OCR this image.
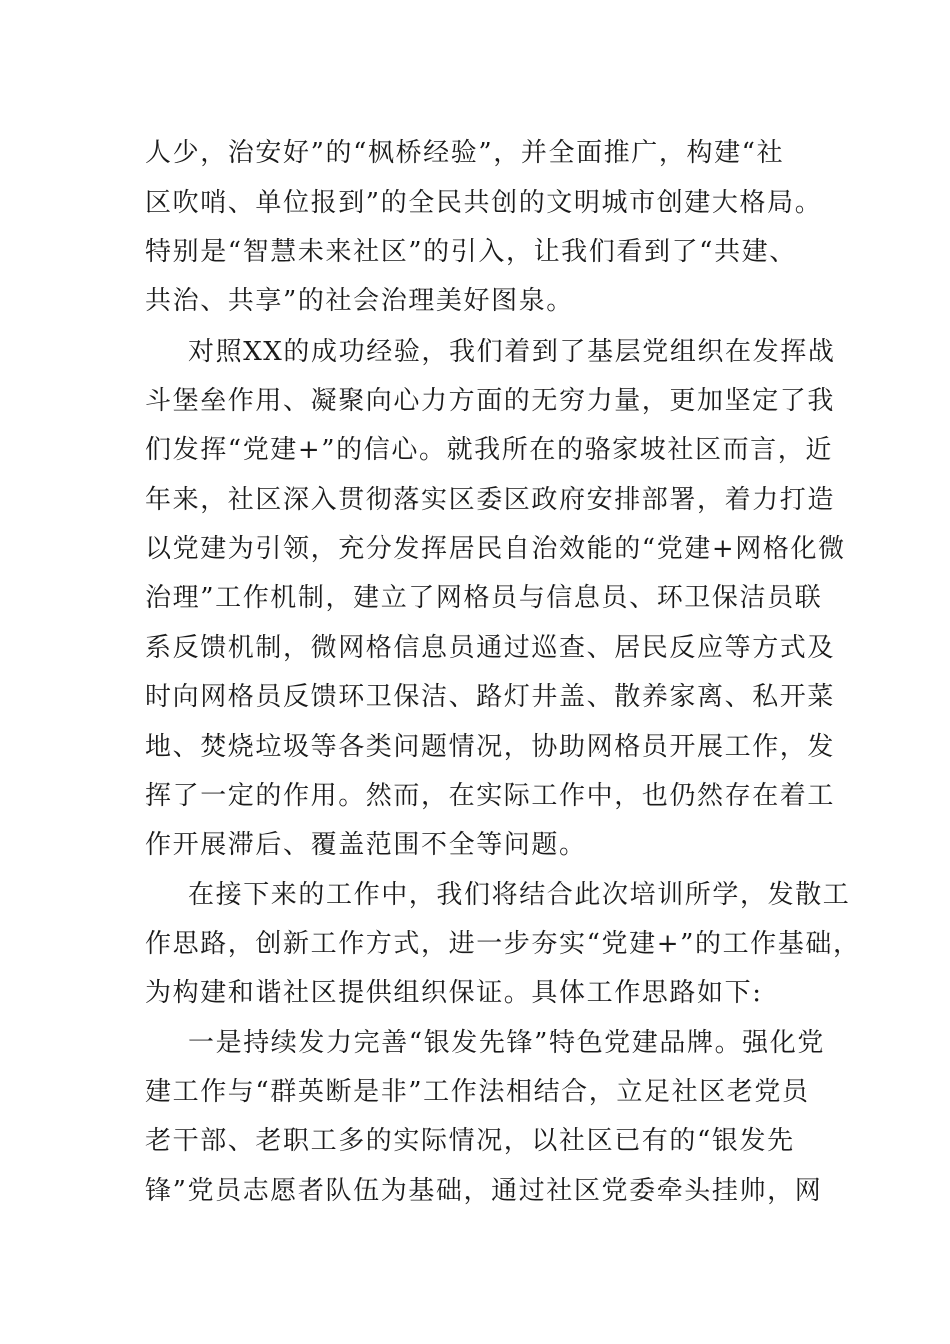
人少，治安好”的“枫桥经验”，并全面推广，构建“社
区吹哨、单位报到”的全民共创的文明城市创建大格局。
特别是“智慧未来社区”的引入，让我们看到了“共建、
共治、共享”的社会治理美好图泉。
对照XX的成功经验，我们着到了基层党组织在发挥战
斗堡垒作用、凝聚向心力方面的无穷力量，更加坚定了我
们发挥“党建+”的信心。就我所在的骆家坡社区而言，近
年来，社区深入贯彻落实区委区政府安排部署，着力打造
以党建为引领，充分发挥居民自治效能的“党建+网格化微
治理”工作机制，建立了网格员与信息员、环卫保洁员联
系反馈机制，微网格信息员通过巡查、居民反应等方式及
时向网格员反馈环卫保洁、路灯井盖、散养家离、私开菜
地、焚烧垃圾等各类问题情况，协助网格员开展工作，发
挥了一定的作用。然而，在实际工作中，也仍然存在着工
作开展滞后、覆盖范围不全等问题。
在接下来的工作中，我们将结合此次培训所学，发散工
作思路，创新工作方式，进一步夯实“党建+”的工作基础，
为构建和谐社区提供组织保证。具体工作思路如下:
一是持续发力完善“银发先锋”特色党建品牌。强化党
建工作与“群英断是非”工作法相结合，立足社区老党员
老干部、老职工多的实际情况，以社区已有的“银发先
锋”党员志愿者队伍为基础，通过社区党委牵头挂帅，网
